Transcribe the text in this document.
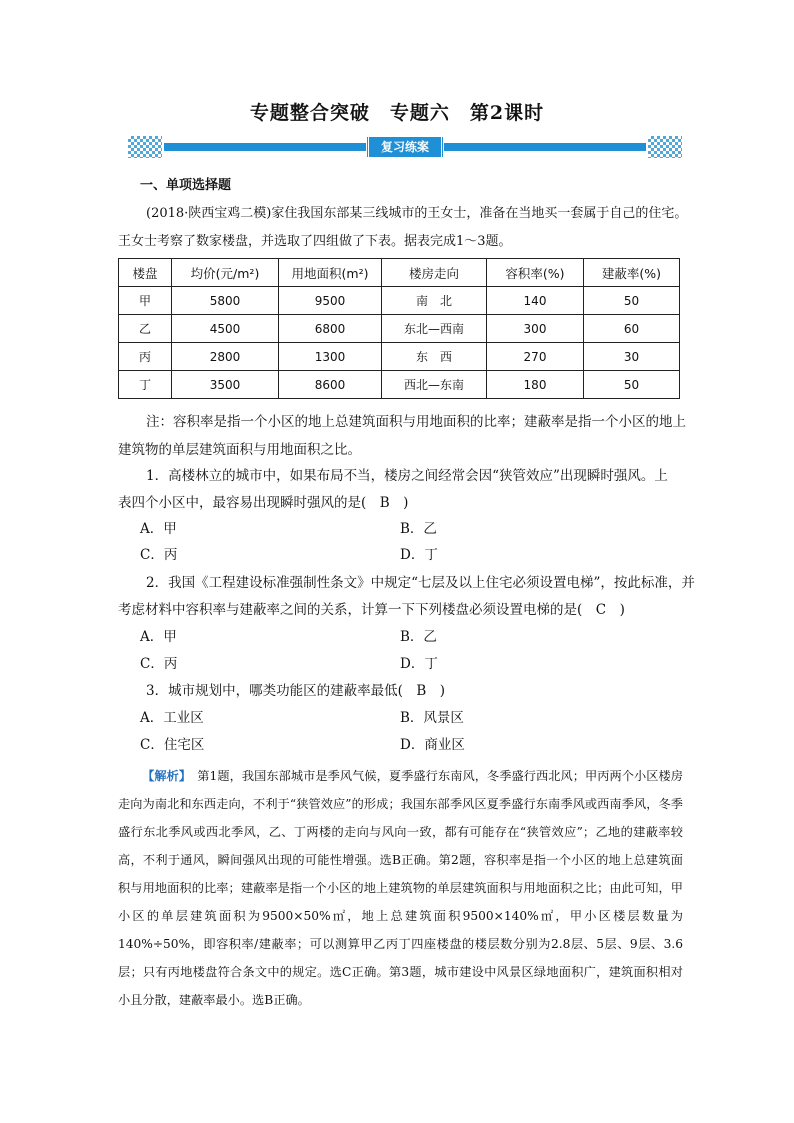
专题整合突破 专题六 第2课时
复习练案
一、单项选择题
(2018·陕西宝鸡二模)家住我国东部某三线城市的王女士，准备在当地买一套属于自己的住宅。
王女士考察了数家楼盘，并选取了四组做了下表。据表完成1～3题。
楼盘	均价(元/m²)	用地面积(m²)	楼房走向	容积率(%)	建蔽率(%)
甲	5800	9500	南　北	140	50
乙	4500	6800	东北—西南	300	60
丙	2800	1300	东　西	270	30
丁	3500	8600	西北—东南	180	50
注：容积率是指一个小区的地上总建筑面积与用地面积的比率；建蔽率是指一个小区的地上
建筑物的单层建筑面积与用地面积之比。
1．高楼林立的城市中，如果布局不当，楼房之间经常会因“狭管效应”出现瞬时强风。上
表四个小区中，最容易出现瞬时强风的是(　B　)
A．甲	B．乙
C．丙	D．丁
2．我国《工程建设标准强制性条文》中规定“七层及以上住宅必须设置电梯”，按此标准，并
考虑材料中容积率与建蔽率之间的关系，计算一下下列楼盘必须设置电梯的是(　C　)
A．甲	B．乙
C．丙	D．丁
3．城市规划中，哪类功能区的建蔽率最低(　B　)
A．工业区	B．风景区
C．住宅区	D．商业区
【解析】　第1题，我国东部城市是季风气候，夏季盛行东南风，冬季盛行西北风；甲丙两个小区楼房走向为南北和东西走向，不利于“狭管效应”的形成；我国东部季风区夏季盛行东南季风或西南季风，冬季盛行东北季风或西北季风，乙、丁两楼的走向与风向一致，都有可能存在“狭管效应”；乙地的建蔽率较高，不利于通风，瞬间强风出现的可能性增强。选B正确。第2题，容积率是指一个小区的地上总建筑面积与用地面积的比率；建蔽率是指一个小区的地上建筑物的单层建筑面积与用地面积之比；由此可知，甲小区的单层建筑面积为9500×50%㎡，地上总建筑面积9500×140%㎡，甲小区楼层数量为140%÷50%，即容积率/建蔽率；可以测算甲乙丙丁四座楼盘的楼层数分别为2.8层、5层、9层、3.6层；只有丙地楼盘符合条文中的规定。选C正确。第3题，城市建设中风景区绿地面积广，建筑面积相对小且分散，建蔽率最小。选B正确。
